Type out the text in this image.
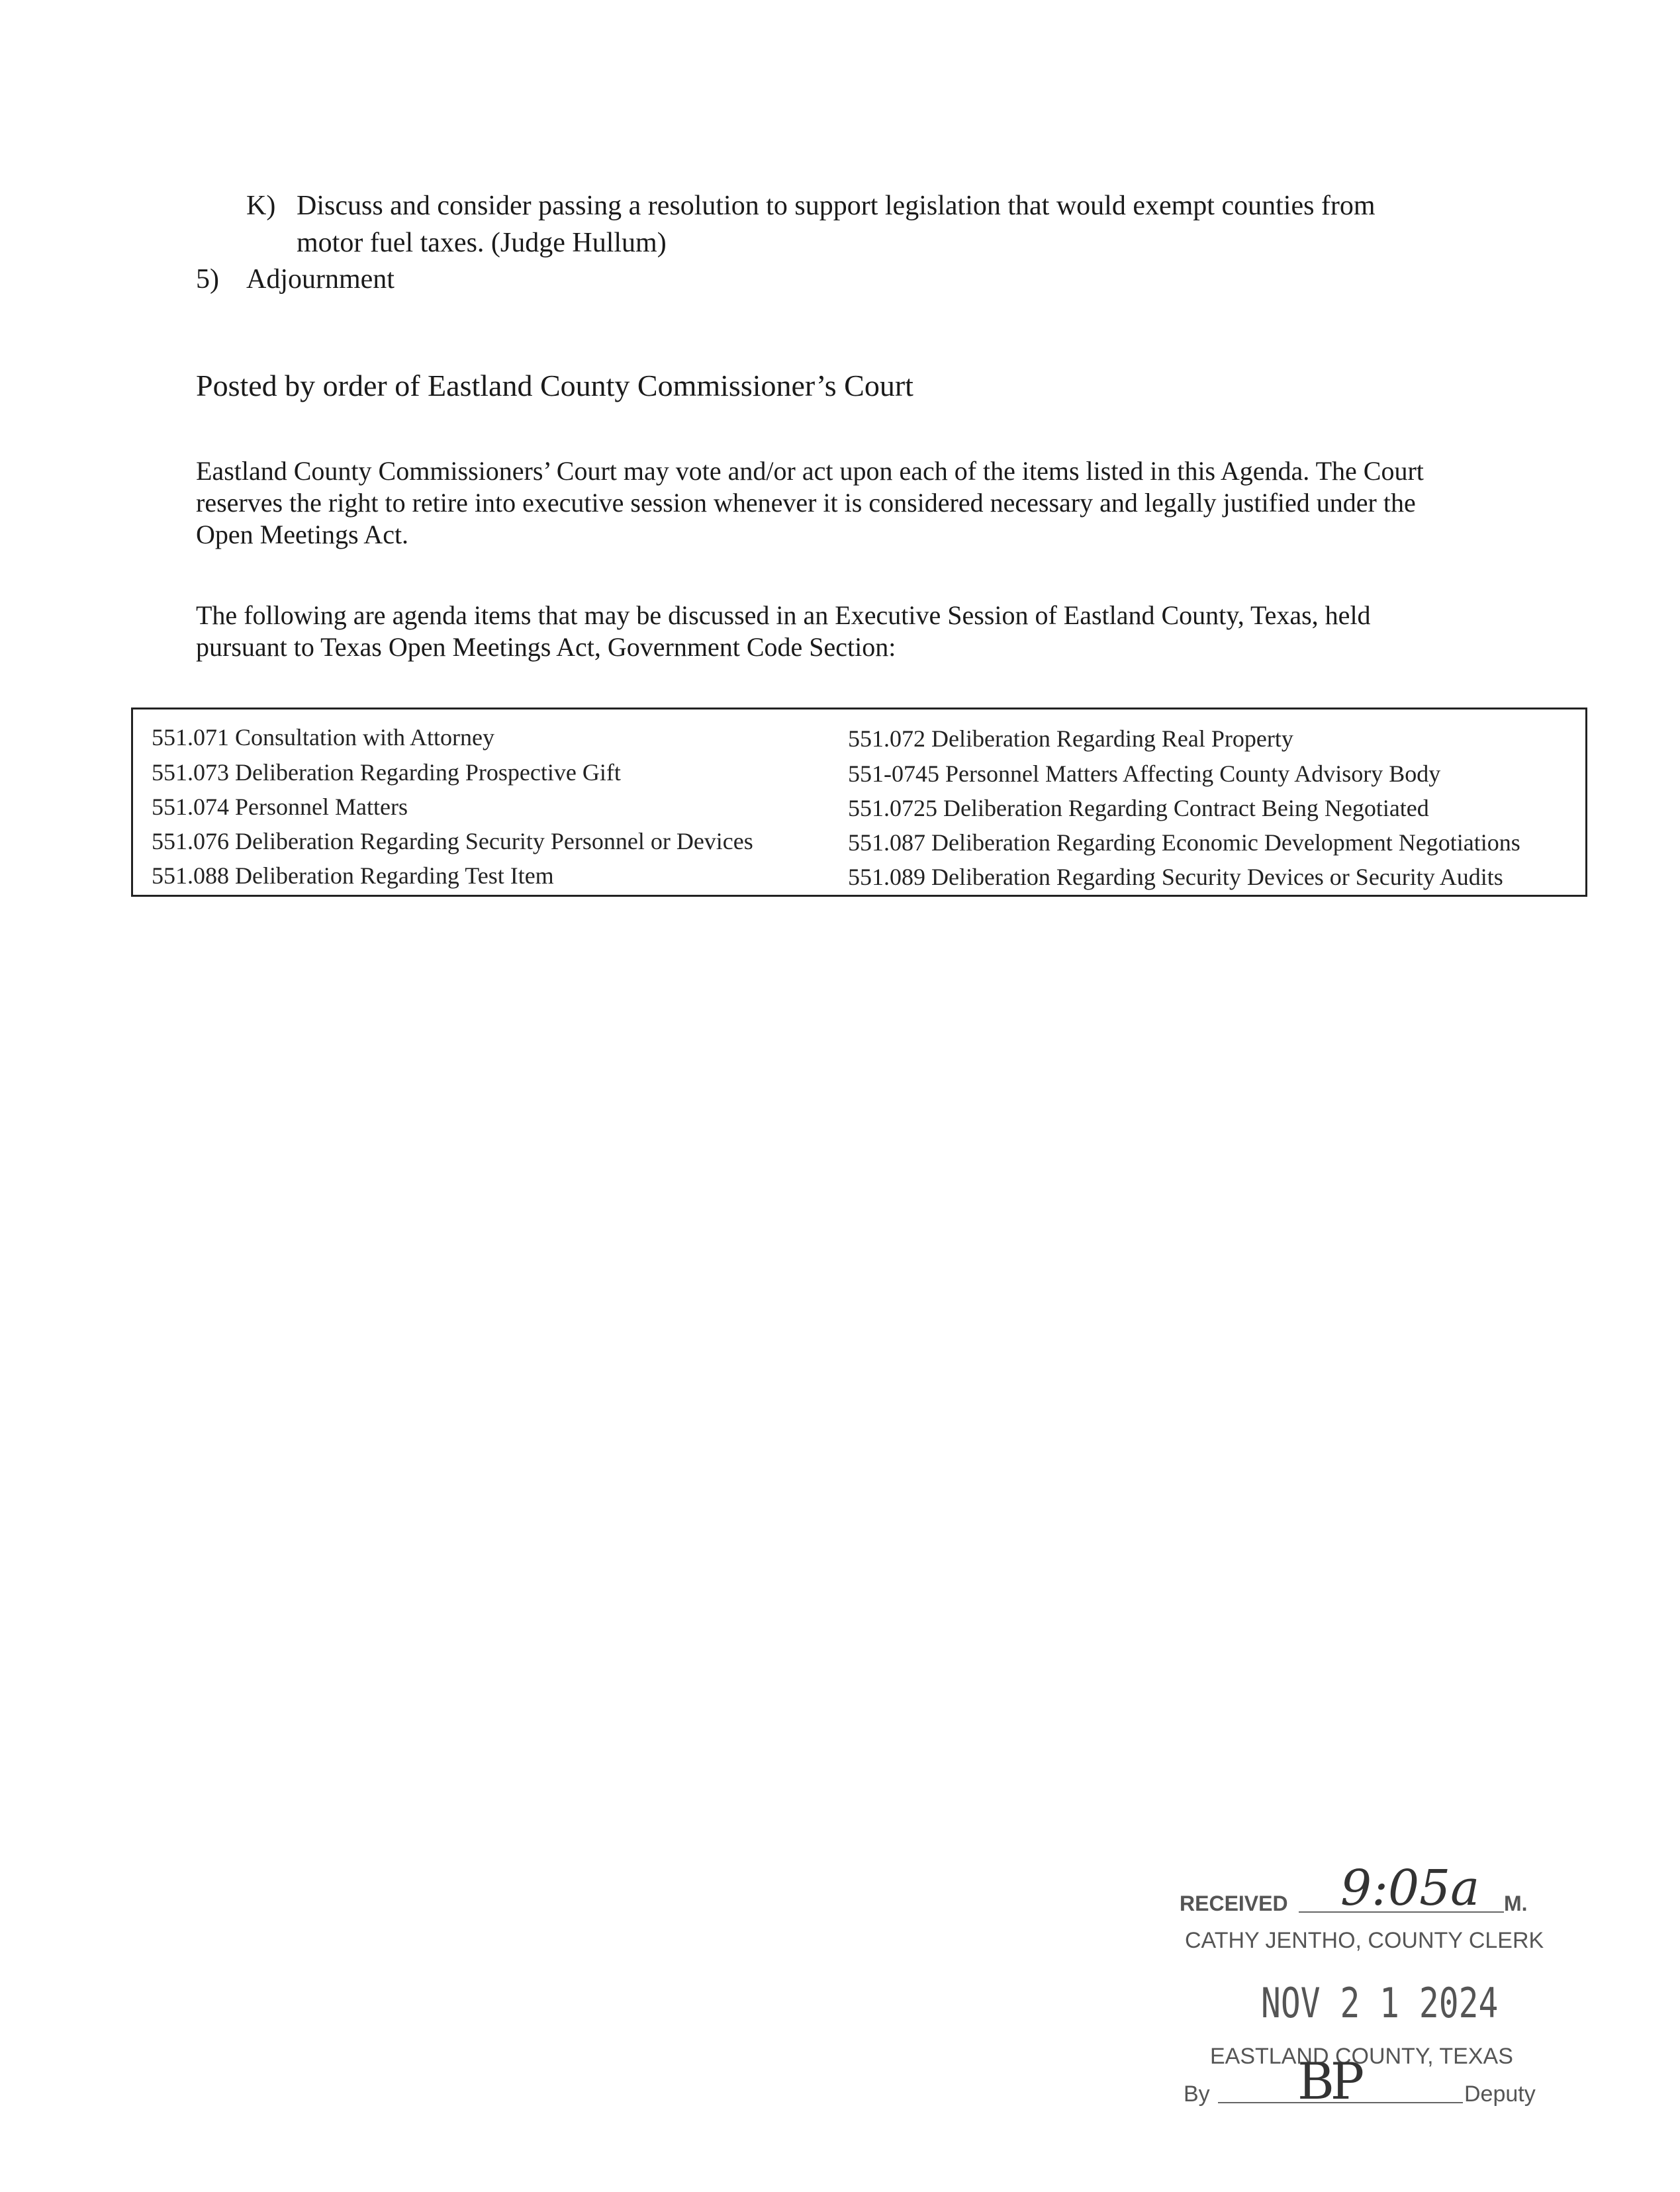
K) Discuss and consider passing a resolution to support legislation that would exempt counties from
motor fuel taxes. (Judge Hullum)
5) Adjournment
Posted by order of Eastland County Commissioner’s Court
Eastland County Commissioners’ Court may vote and/or act upon each of the items listed in this Agenda. The Court
reserves the right to retire into executive session whenever it is considered necessary and legally justified under the
Open Meetings Act.
The following are agenda items that may be discussed in an Executive Session of Eastland County, Texas, held
pursuant to Texas Open Meetings Act, Government Code Section:
551.071 Consultation with Attorney
551.073 Deliberation Regarding Prospective Gift
551.074 Personnel Matters
551.076 Deliberation Regarding Security Personnel or Devices
551.088 Deliberation Regarding Test Item
551.072 Deliberation Regarding Real Property
551-0745 Personnel Matters Affecting County Advisory Body
551.0725 Deliberation Regarding Contract Being Negotiated
551.087 Deliberation Regarding Economic Development Negotiations
551.089 Deliberation Regarding Security Devices or Security Audits
RECEIVED 9:05a M.
CATHY JENTHO, COUNTY CLERK
NOV 2 1 2024
EASTLAND COUNTY, TEXAS
By BP	Deputy
